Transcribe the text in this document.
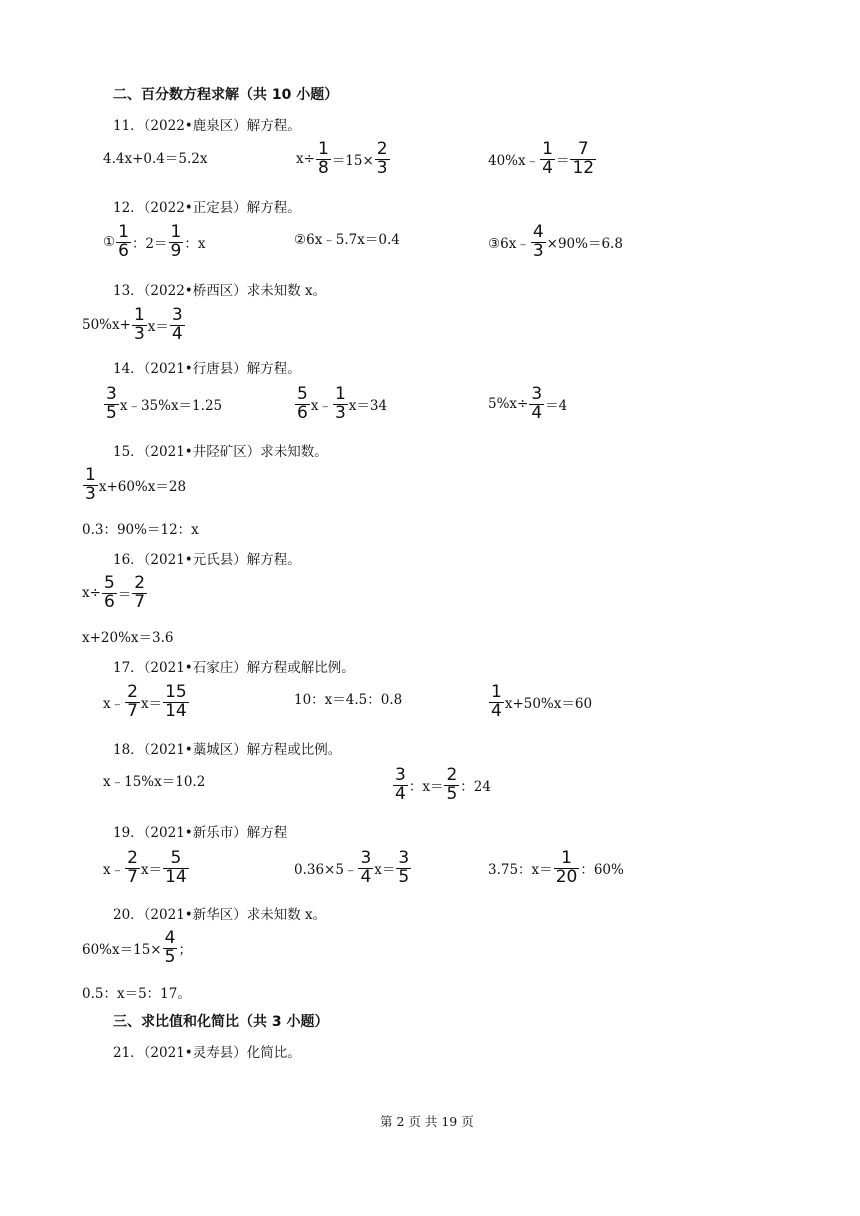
二、百分数方程求解（共 10 小题）
11．（2022•鹿泉区）解方程。
4.4x+0.4＝5.2x	$x\div \frac{1}{8} =15\times \frac{2}{3}$	40%x﹣ $\frac{1}{4} = \frac{7}{12}$
12．（2022•正定县）解方程。
① $\frac{1}{6}$ ：$2= \frac{1}{9}$ ：x	②6x﹣5.7x＝0.4	③6x﹣ $\frac{4}{3} \times 90\%=6.8$
13．（2022•桥西区）求未知数 x。
$50\%x+ \frac{1}{3} x= \frac{3}{4}$
14．（2021•行唐县）解方程。
$\frac{3}{5}$ x﹣35%x＝1.25	$\frac{5}{6}$ x﹣ $\frac{1}{3} x=34$	$5\%x\div \frac{3}{4} =4$
15．（2021•井陉矿区）求未知数。
$\frac{1}{3} x+60\%x=28$
0.3：90%＝12：x
16．（2021•元氏县）解方程。
$x\div \frac{5}{6} = \frac{2}{7}$
x+20%x＝3.6
17．（2021•石家庄）解方程或解比例。
x﹣ $\frac{2}{7} x= \frac{15}{14}$	10：x＝4.5：0.8	$\frac{1}{4} x+50\%x=60$
18．（2021•藁城区）解方程或比例。
x﹣15%x＝10.2	$\frac{3}{4}$ ：$x= \frac{2}{5}$ ：24
19．（2021•新乐市）解方程
x﹣ $\frac{2}{7} x= \frac{5}{14}$	0.36×5﹣ $\frac{3}{4} x= \frac{3}{5}$	3.75：$x= \frac{1}{20}$ ：60%
20．（2021•新华区）求未知数 x。
$60\%x=15\times \frac{4}{5}$ ；
0.5：x＝5：17。
三、求比值和化简比（共 3 小题）
21．（2021•灵寿县）化简比。
第 2 页 共 19 页
